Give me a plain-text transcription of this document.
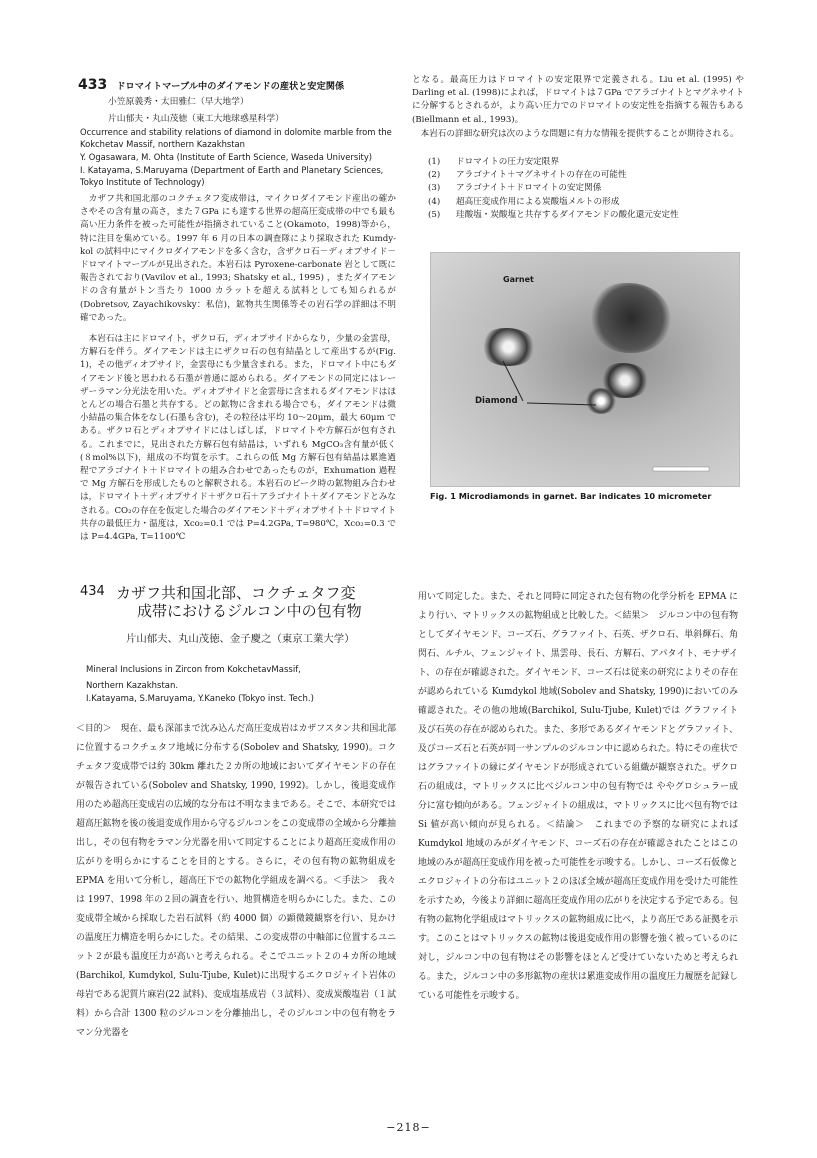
433 ドロマイトマーブル中のダイアモンドの産状と安定関係
小笠原義秀・太田雅仁（早大地学）
片山郁夫・丸山茂徳（東工大地球惑星科学）
Occurrence and stability relations of diamond in dolomite marble from the Kokchetav Massif, northern Kazakhstan
Y. Ogasawara, M. Ohta (Institute of Earth Science, Waseda University)
I. Katayama, S.Maruyama (Department of Earth and Planetary Sciences, Tokyo Institute of Technology)
カザフ共和国北部のコクチェタフ変成帯は，マイクロダイアモンド産出の確かさやその含有量の高さ，また７GPa にも達する世界の超高圧変成帯の中でも最も高い圧力条件を被った可能性が指摘されていること(Okamoto，1998)等から，特に注目を集めている。1997 年 6 月の日本の調査隊により採取された Kumdy-kol の試料中にマイクロダイアモンドを多く含む，含ザクロ石－ディオプサイド－ドロマイトマーブルが見出された。本岩石は Pyroxene-carbonate 岩として既に報告されており(Vavilov et al., 1993; Shatsky et al., 1995) ，またダイアモンドの含有量がトン当たり 1000 カラットを超える試料としても知られるが(Dobretsov, Zayachikovsky：私信)，鉱物共生関係等その岩石学の詳細は不明確であった。
本岩石は主にドロマイト，ザクロ石，ディオプサイドからなり，少量の金雲母，方解石を伴う。ダイアモンドは主にザクロ石の包有結晶として産出するが(Fig. 1)，その他ディオプサイド，金雲母にも少量含まれる。また，ドロマイト中にもダイアモンド後と思われる石墨が普通に認められる。ダイアモンドの同定にはレーザーラマン分光法を用いた。ディオプサイドと金雲母に含まれるダイアモンドはほとんどの場合石墨と共存する。どの鉱物に含まれる場合でも，ダイアモンドは微小結晶の集合体をなし(石墨も含む)，その粒径は平均 10〜20μm，最大 60μm である。ザクロ石とディオプサイドにはしばしば，ドロマイトや方解石が包有される。これまでに，見出された方解石包有結晶は，いずれも MgCO₃含有量が低く(８mol%以下)，組成の不均質を示す。これらの低 Mg 方解石包有結晶は累進過程でアラゴナイト＋ドロマイトの組み合わせであったものが，Exhumation 過程で Mg 方解石を形成したものと解釈される。本岩石のピーク時の鉱物組み合わせは，ドロマイト＋ディオプサイド＋ザクロ石＋アラゴナイト＋ダイアモンドとみなされる。CO₂の存在を仮定した場合のダイアモンド＋ディオプサイト＋ドロマイト共存の最低圧力・温度は，Xco₂=0.1 では P=4.2GPa, T=980℃，Xco₂=0.3 では P=4.4GPa, T=1100℃
となる。最高圧力はドロマイトの安定限界で定義される。Liu et al. (1995) や Darling et al. (1998)によれば，ドロマイトは７GPa でアラゴナイトとマグネサイトに分解するとされるが，より高い圧力でのドロマイトの安定性を指摘する報告もある(Biellmann et al., 1993)。
本岩石の詳細な研究は次のような問題に有力な情報を提供することが期待される。
(1)	ドロマイトの圧力安定限界
(2)	アラゴナイト＋マグネサイトの存在の可能性
(3)	アラゴナイト＋ドロマイトの安定関係
(4)	超高圧変成作用による炭酸塩メルトの形成
(5)	珪酸塩・炭酸塩と共存するダイアモンドの酸化還元安定性
Garnet
Diamond
Fig. 1 Microdiamonds in garnet. Bar indicates 10 micrometer
434 カザフ共和国北部、コクチェタフ変
成帯におけるジルコン中の包有物
片山郁夫、丸山茂徳、金子慶之（東京工業大学）
Mineral Inclusions in Zircon from KokchetavMassif,
Northern Kazakhstan.
I.Katayama, S.Maruyama, Y.Kaneko (Tokyo inst. Tech.)
＜目的＞　現在、最も深部まで沈み込んだ高圧変成岩はカザフスタン共和国北部に位置するコクチェタフ地域に分布する(Sobolev and Shatsky, 1990)。コクチェタフ変成帯では約 30km 離れた２カ所の地域においてダイヤモンドの存在が報告されている(Sobolev and Shatsky, 1990, 1992)。しかし，後退変成作用のため超高圧変成岩の広域的な分布は不明なままである。そこで、本研究では超高圧鉱物を後の後退変成作用から守るジルコンをこの変成帯の全域から分離抽出し，その包有物をラマン分光器を用いて同定することにより超高圧変成作用の広がりを明らかにすることを目的とする。さらに，その包有物の鉱物組成を EPMA を用いて分析し，超高圧下での鉱物化学組成を調べる。＜手法＞　我々は 1997、1998 年の２回の調査を行い、地質構造を明らかにした。また、この変成帯全域から採取した岩石試料（約 4000 個）の顕微鏡観察を行い、見かけの温度圧力構造を明らかにした。その結果、この変成帯の中軸部に位置するユニット２が最も温度圧力が高いと考えられる。そこでユニット２の４カ所の地域(Barchikol, Kumdykol, Sulu-Tjube, Kulet)に出現するエクロジャイト岩体の母岩である泥質片麻岩(22 試料)、変成塩基成岩（３試料）、変成炭酸塩岩（１試料）から合計 1300 粒のジルコンを分離抽出し，そのジルコン中の包有物をラマン分光器を
用いて同定した。また、それと同時に同定された包有物の化学分析を EPMA により行い、マトリックスの鉱物組成と比較した。＜結果＞　ジルコン中の包有物としてダイヤモンド、コーズ石、グラファイト、石英、ザクロ石、単斜輝石、角閃石、ルチル、フェンジャイト、黒雲母、長石、方解石、アパタイト、モナザイト、の存在が確認された。ダイヤモンド、コーズ石は従来の研究によりその存在が認められている Kumdykol 地域(Sobolev and Shatsky, 1990)においてのみ確認された。その他の地域(Barchikol, Sulu-Tjube, Kulet)では グラファイト及び石英の存在が認められた。また、多形であるダイヤモンドとグラファイト、及びコーズ石と石英が同一サンプルのジルコン中に認められた。特にその産状ではグラファイトの縁にダイヤモンドが形成されている組織が観察された。ザクロ石の組成は，マトリックスに比べジルコン中の包有物では ややグロシュラー成分に富む傾向がある。フェンジャイトの組成は，マトリックスに比べ包有物では Si 値が高い傾向が見られる。＜結論＞　これまでの予察的な研究によれば Kumdykol 地域のみがダイヤモンド、コーズ石の存在が確認されたことはこの地域のみが超高圧変成作用を被った可能性を示唆する。しかし、コーズ石仮像とエクロジャイトの分布はユニット２のほぼ全域が超高圧変成作用を受けた可能性を示すため，今後より詳細に超高圧変成作用の広がりを決定する予定である。包有物の鉱物化学組成はマトリックスの鉱物組成に比べ，より高圧である証拠を示す。このことはマトリックスの鉱物は後退変成作用の影響を強く被っているのに対し，ジルコン中の包有物はその影響をほとんど受けていないためと考えられる。また，ジルコン中の多形鉱物の産状は累進変成作用の温度圧力履歴を記録している可能性を示唆する。
−218−
